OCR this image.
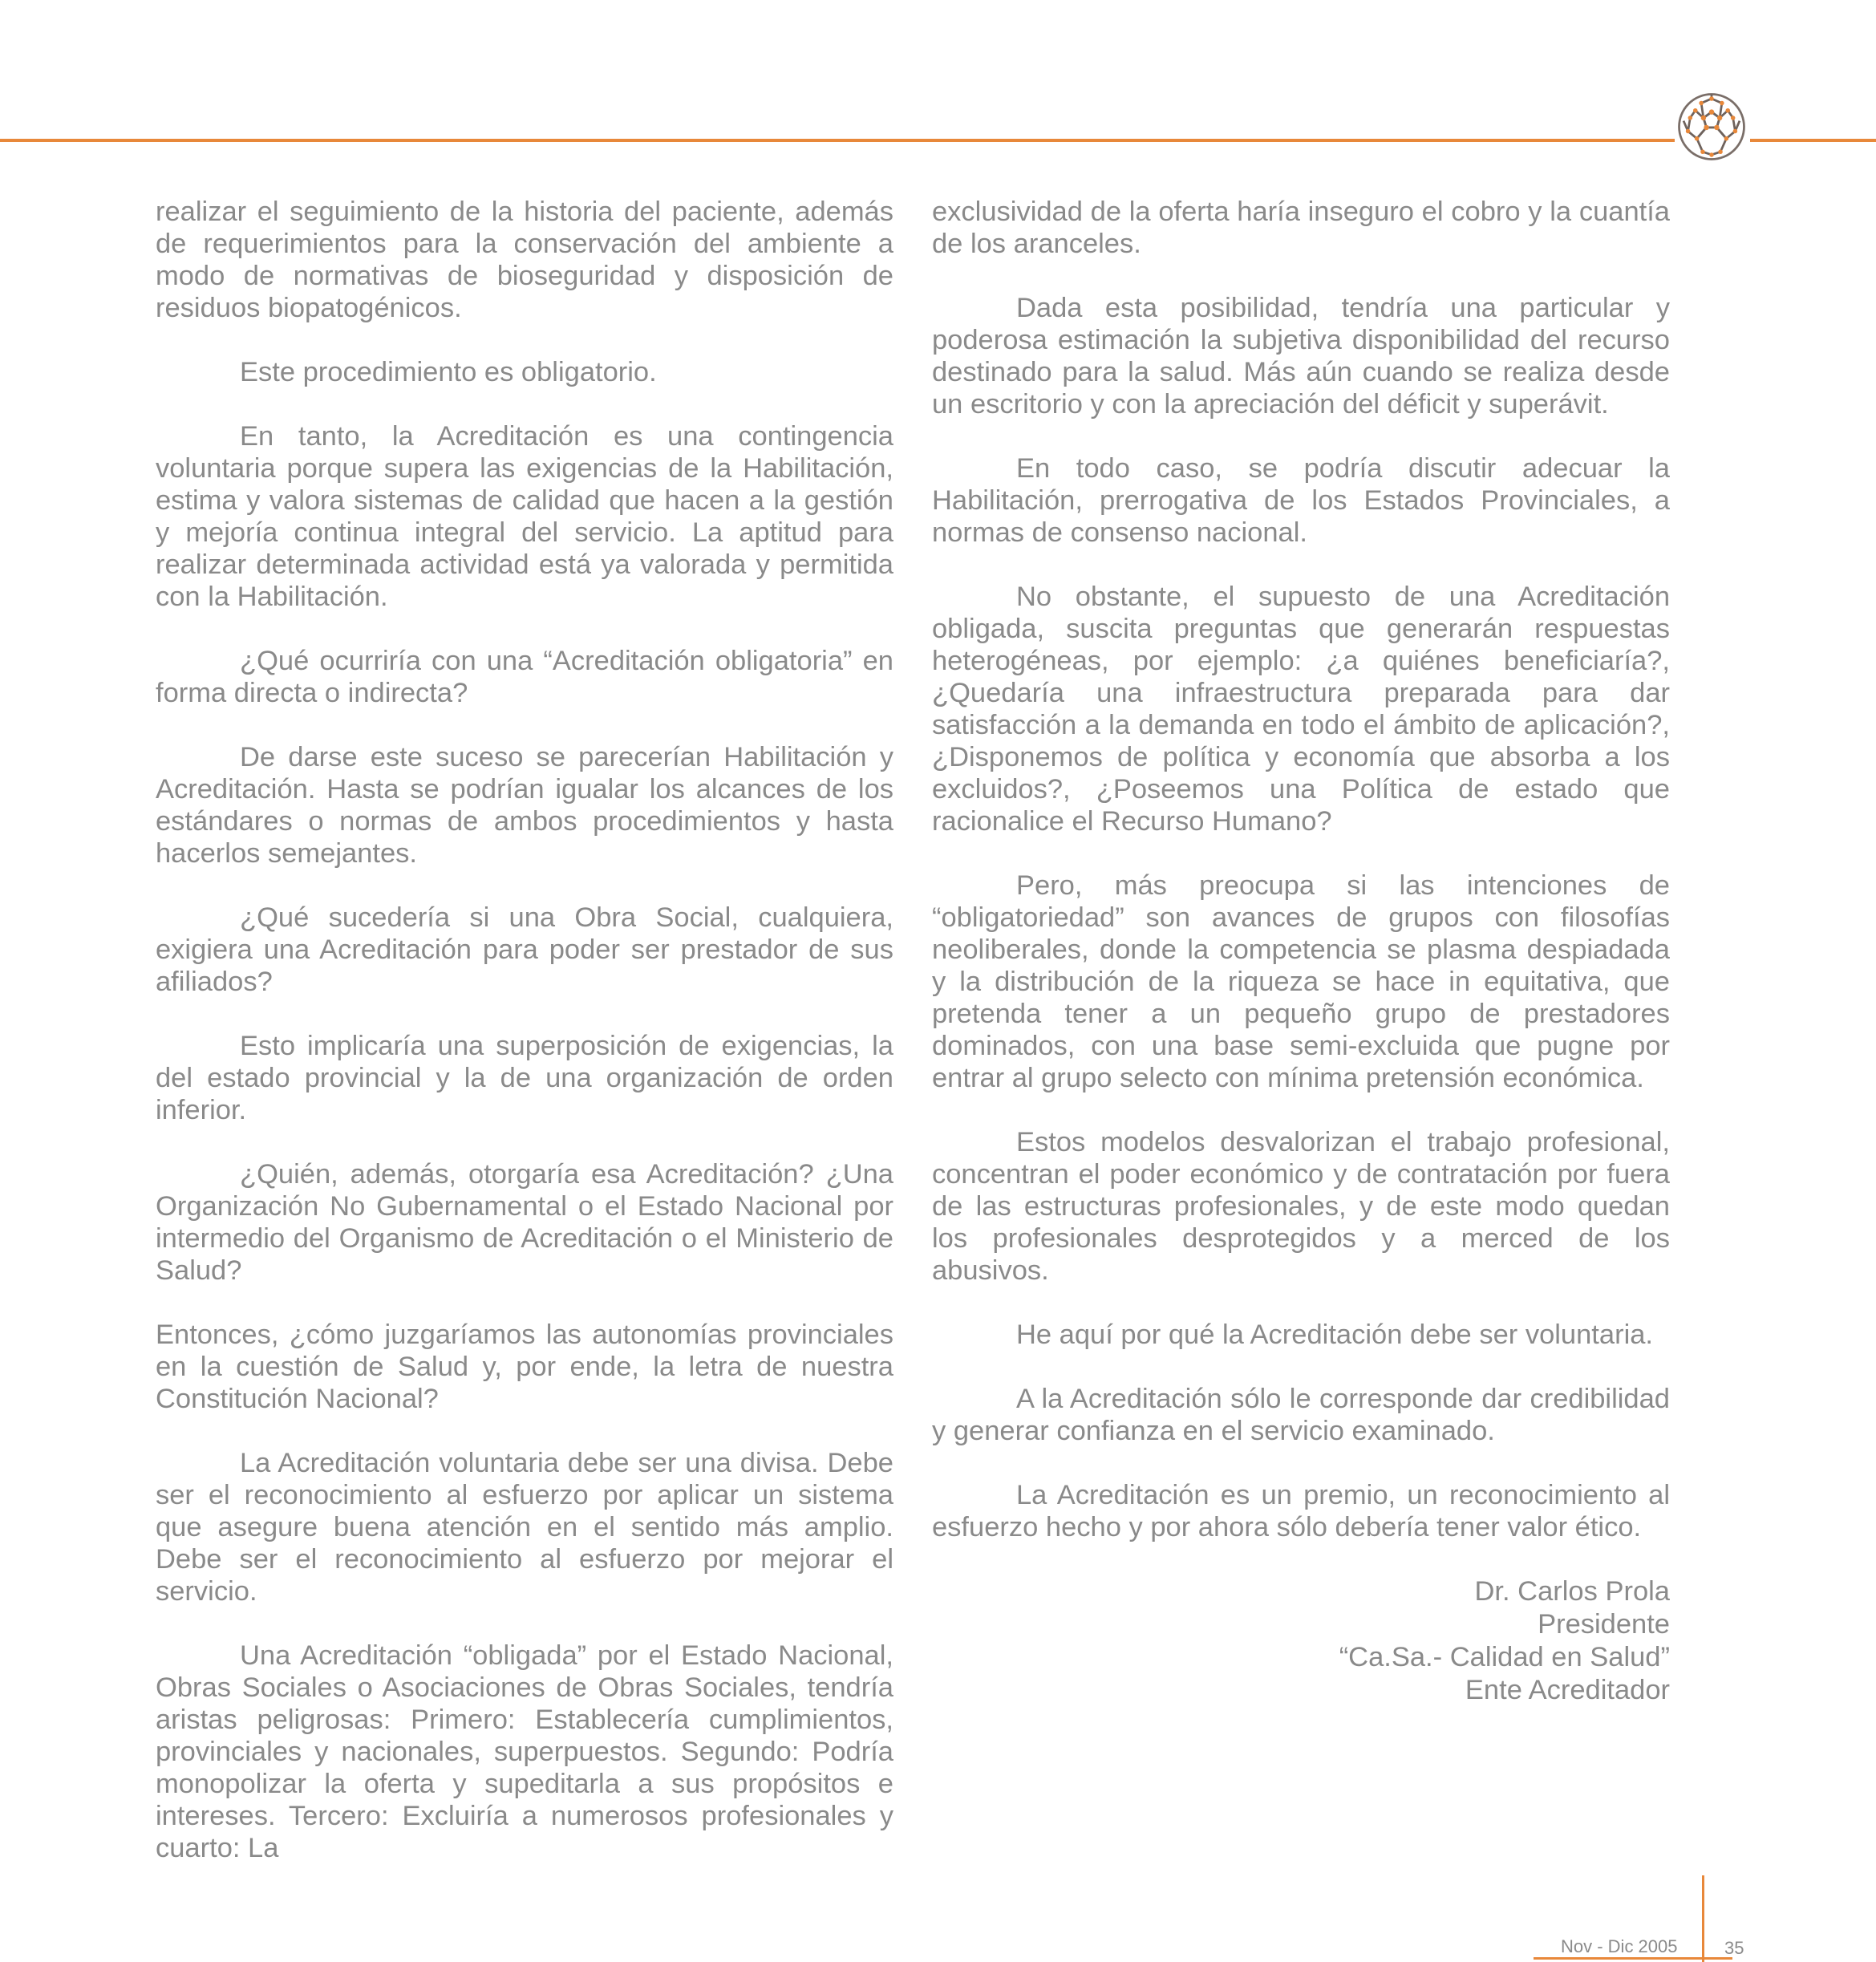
realizar el seguimiento de la historia del paciente, además de requerimientos para la conservación del ambiente a modo de normativas de bioseguridad y disposición de residuos biopatogénicos.

Este procedimiento es obligatorio.

En tanto, la Acreditación es una contingencia voluntaria porque supera las exigencias de la Habilitación, estima y valora sistemas de calidad que hacen a la gestión y mejoría continua integral del servicio. La aptitud para realizar determinada actividad está ya valorada y permitida con la Habilitación.

¿Qué ocurriría con una “Acreditación obligatoria” en forma directa o indirecta?

De darse este suceso se parecerían Habilitación y Acreditación. Hasta se podrían igualar los alcances de los estándares o normas de ambos procedimientos y hasta hacerlos semejantes.

¿Qué sucedería si una Obra Social, cualquiera, exigiera una Acreditación para poder ser prestador de sus afiliados?

Esto implicaría una superposición de exigencias, la del estado provincial y la de una organización de orden inferior.

¿Quién, además, otorgaría esa Acreditación? ¿Una Organización No Gubernamental o el Estado Nacional por intermedio del Organismo de Acreditación o el Ministerio de Salud?

Entonces, ¿cómo juzgaríamos las autonomías provinciales en la cuestión de Salud y, por ende, la letra de nuestra Constitución Nacional?

La Acreditación voluntaria debe ser una divisa. Debe ser el reconocimiento al esfuerzo por aplicar un sistema que asegure buena atención en el sentido más amplio. Debe ser el reconocimiento al esfuerzo por mejorar el servicio.

Una Acreditación “obligada” por el Estado Nacional, Obras Sociales o Asociaciones de Obras Sociales, tendría aristas peligrosas: Primero: Establecería cumplimientos, provinciales y nacionales, superpuestos. Segundo: Podría monopolizar la oferta y supeditarla a sus propósitos e intereses. Tercero: Excluiría a numerosos profesionales y cuarto: La

exclusividad de la oferta haría inseguro el cobro y la cuantía de los aranceles.

Dada esta posibilidad, tendría una particular y poderosa estimación la subjetiva disponibilidad del recurso destinado para la salud. Más aún cuando se realiza desde un escritorio y con la apreciación del déficit y superávit.

En todo caso, se podría discutir adecuar la Habilitación, prerrogativa de los Estados Provinciales, a normas de consenso nacional.

No obstante, el supuesto de una Acreditación obligada, suscita preguntas que generarán respuestas heterogéneas, por ejemplo: ¿a quiénes beneficiaría?, ¿Quedaría una infraestructura preparada para dar satisfacción a la demanda en todo el ámbito de aplicación?, ¿Disponemos de política y economía que absorba a los excluidos?, ¿Poseemos una Política de estado que racionalice el Recurso Humano?

Pero, más preocupa si las intenciones de “obligatoriedad” son avances de grupos con filosofías neoliberales, donde la competencia se plasma despiadada y la distribución de la riqueza se hace in equitativa, que pretenda tener a un pequeño grupo de prestadores dominados, con una base semi-excluida que pugne por entrar al grupo selecto con mínima pretensión económica.

Estos modelos desvalorizan el trabajo profesional, concentran el poder económico y de contratación por fuera de las estructuras profesionales, y de este modo quedan los profesionales desprotegidos y a merced de los abusivos.

He aquí por qué la Acreditación debe ser voluntaria.

A la Acreditación sólo le corresponde dar credibilidad y generar confianza en el servicio examinado.

La Acreditación es un premio, un reconocimiento al esfuerzo hecho y por ahora sólo debería tener valor ético.

Dr. Carlos Prola
Presidente
“Ca.Sa.- Calidad en Salud”
Ente Acreditador
Nov - Dic 2005	35
